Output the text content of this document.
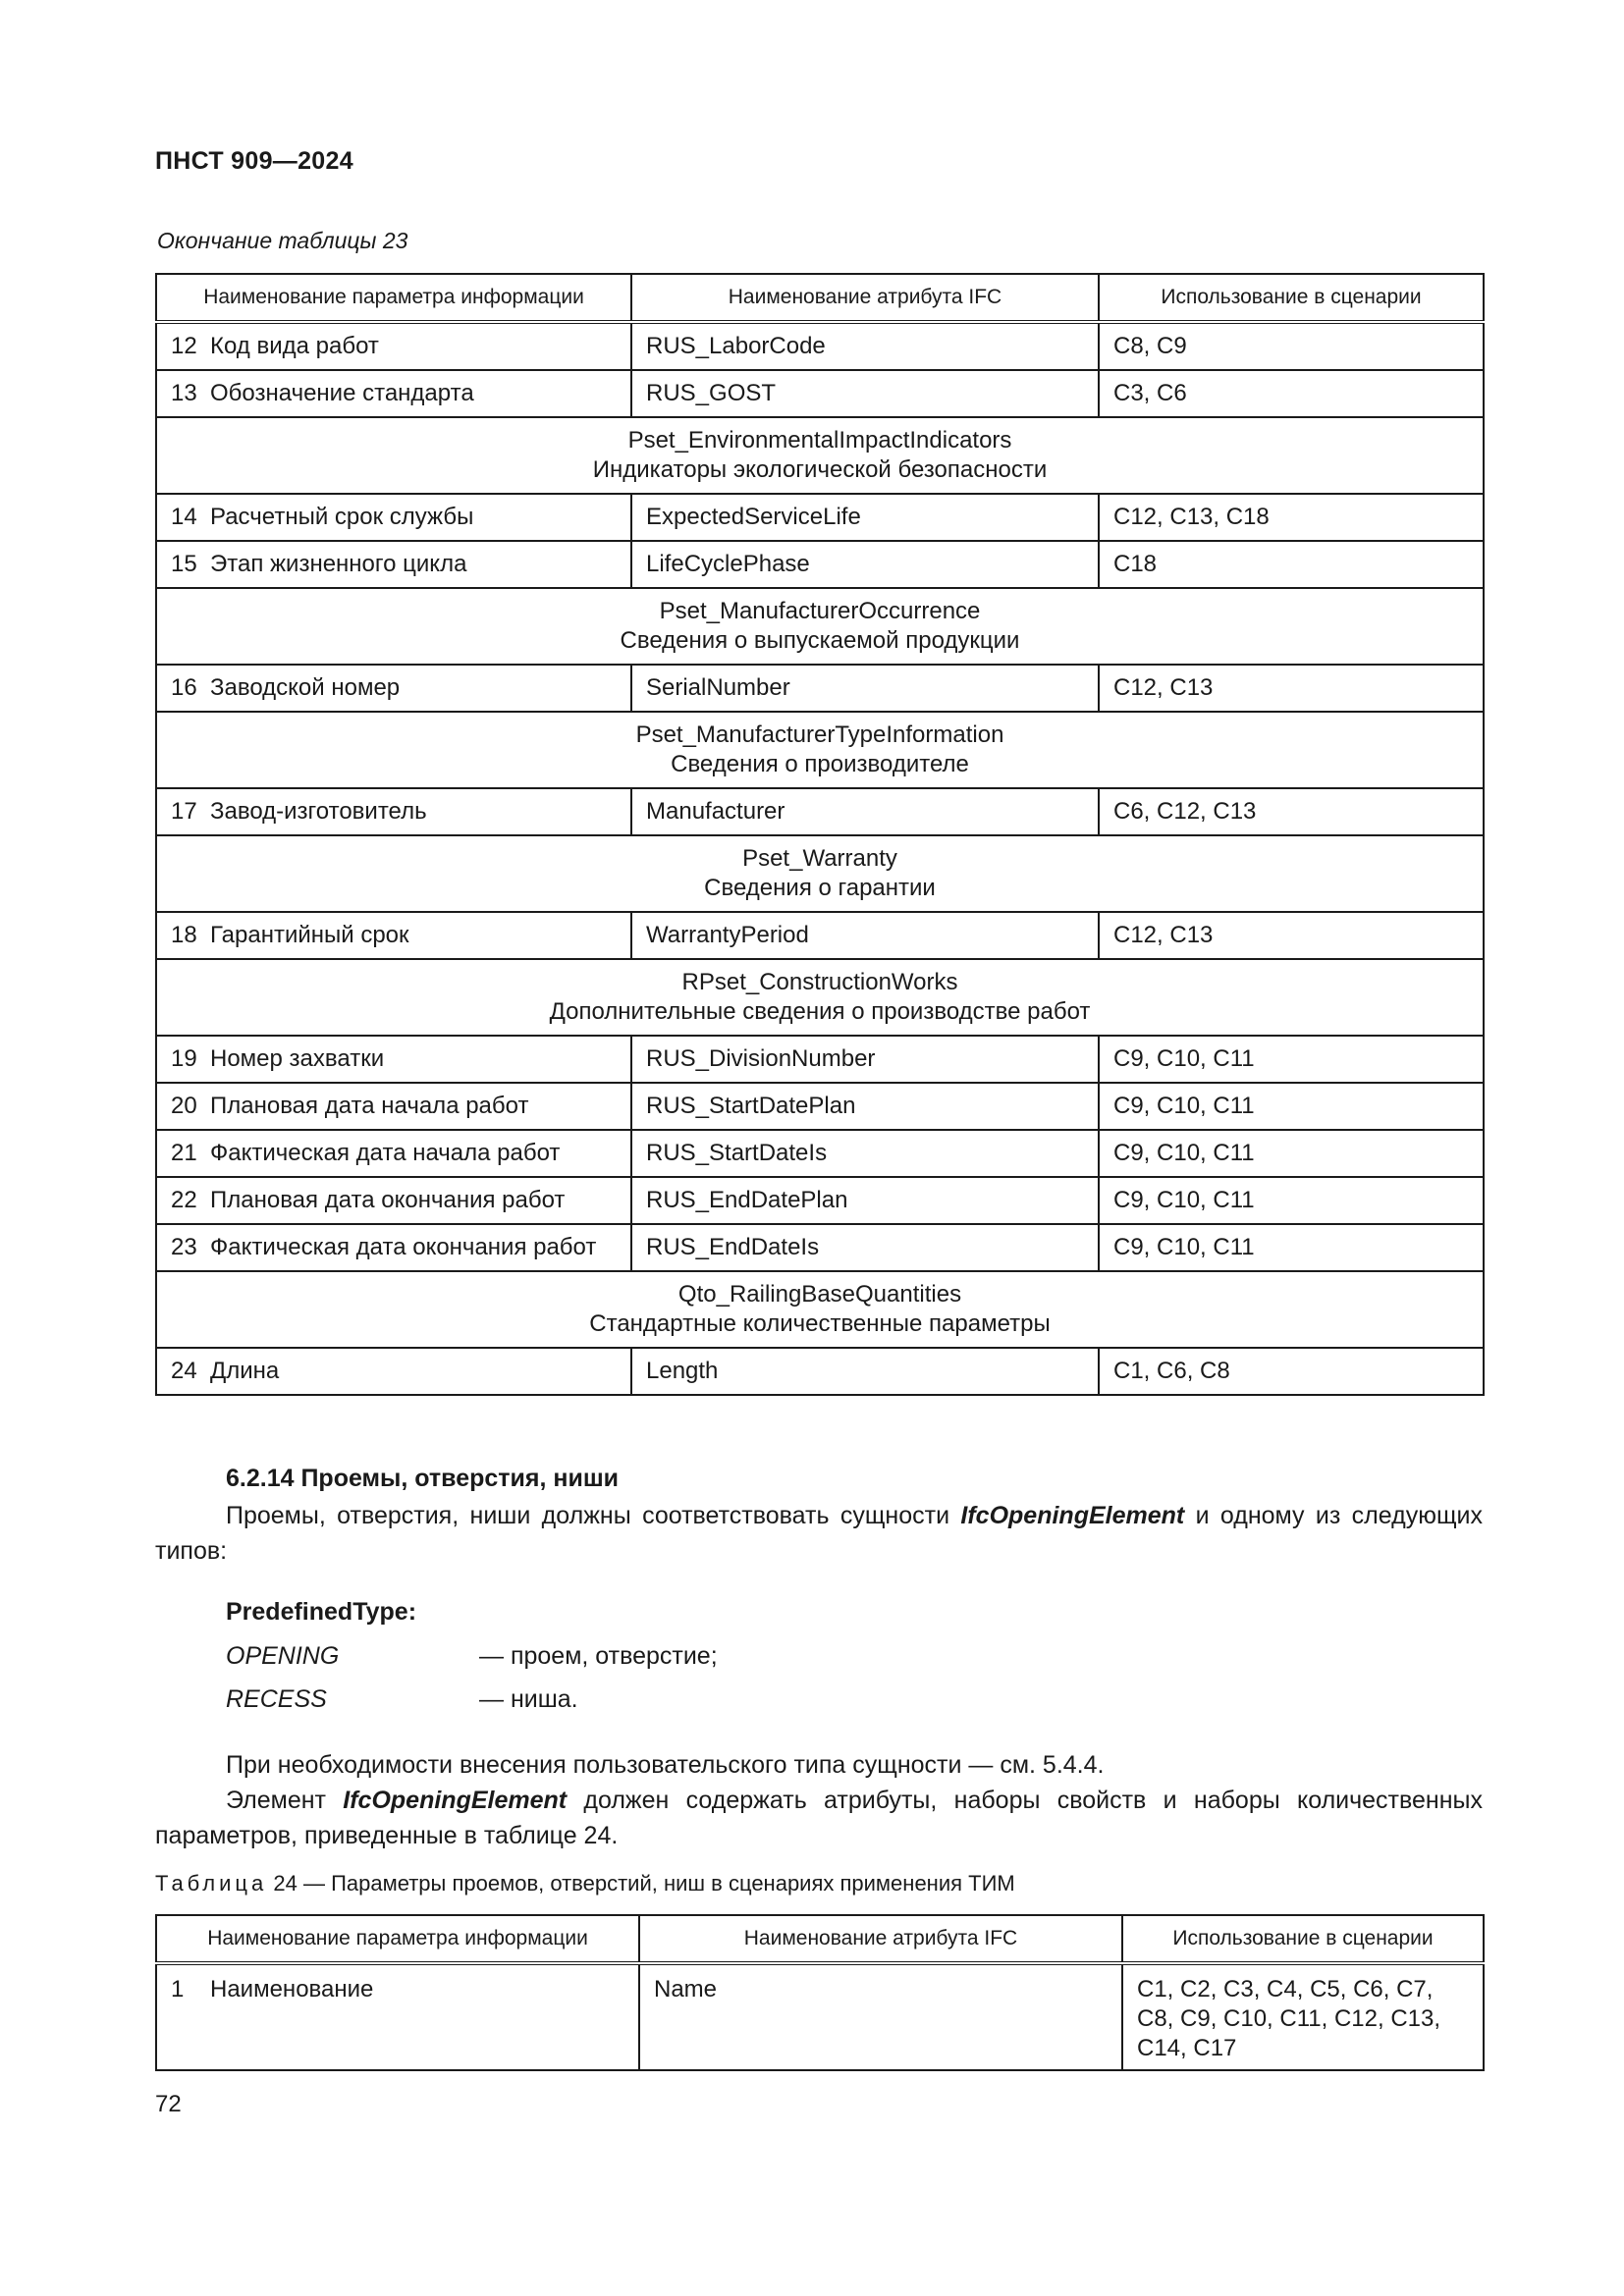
ПНСТ 909—2024
Окончание таблицы 23
Наименование параметра информации	Наименование атрибута IFC	Использование в сценарии
12 Код вида работ	RUS_LaborCode	C8, C9
13 Обозначение стандарта	RUS_GOST	C3, C6

Pset_EnvironmentalImpactIndicators
Индикаторы экологической безопасности		

14 Расчетный срок службы	ExpectedServiceLife	C12, C13, C18
15 Этап жизненного цикла	LifeCyclePhase	C18

Pset_ManufacturerOccurrence
Сведения о выпускаемой продукции		

16 Заводской номер	SerialNumber	C12, C13

Pset_ManufacturerTypeInformation
Сведения о производителе		

17 Завод-изготовитель	Manufacturer	C6, C12, C13

Pset_Warranty
Сведения о гарантии		

18 Гарантийный срок	WarrantyPeriod	C12, C13

RPset_ConstructionWorks
Дополнительные сведения о производстве работ		

19 Номер захватки	RUS_DivisionNumber	C9, C10, C11
20 Плановая дата начала работ	RUS_StartDatePlan	C9, C10, C11
21 Фактическая дата начала работ	RUS_StartDateIs	C9, C10, C11
22 Плановая дата окончания работ	RUS_EndDatePlan	C9, C10, C11
23 Фактическая дата окончания работ	RUS_EndDateIs	C9, C10, C11

Qto_RailingBaseQuantities
Стандартные количественные параметры		

24 Длина	Length	C1, C6, C8
6.2.14 Проемы, отверстия, ниши
Проемы, отверстия, ниши должны соответствовать сущности IfcOpeningElement и одному из следующих типов:
PredefinedType:
OPENING	— проем, отверстие;
RECESS	— ниша.
При необходимости внесения пользовательского типа сущности — см. 5.4.4.
Элемент IfcOpeningElement должен содержать атрибуты, наборы свойств и наборы количественных параметров, приведенные в таблице 24.
Таблица 24 — Параметры проемов, отверстий, ниш в сценариях применения ТИМ
Наименование параметра информации	Наименование атрибута IFC	Использование в сценарии
1 Наименование	Name	C1, C2, C3, C4, C5, C6, C7, C8, C9, C10, C11, C12, C13, C14, C17
72
